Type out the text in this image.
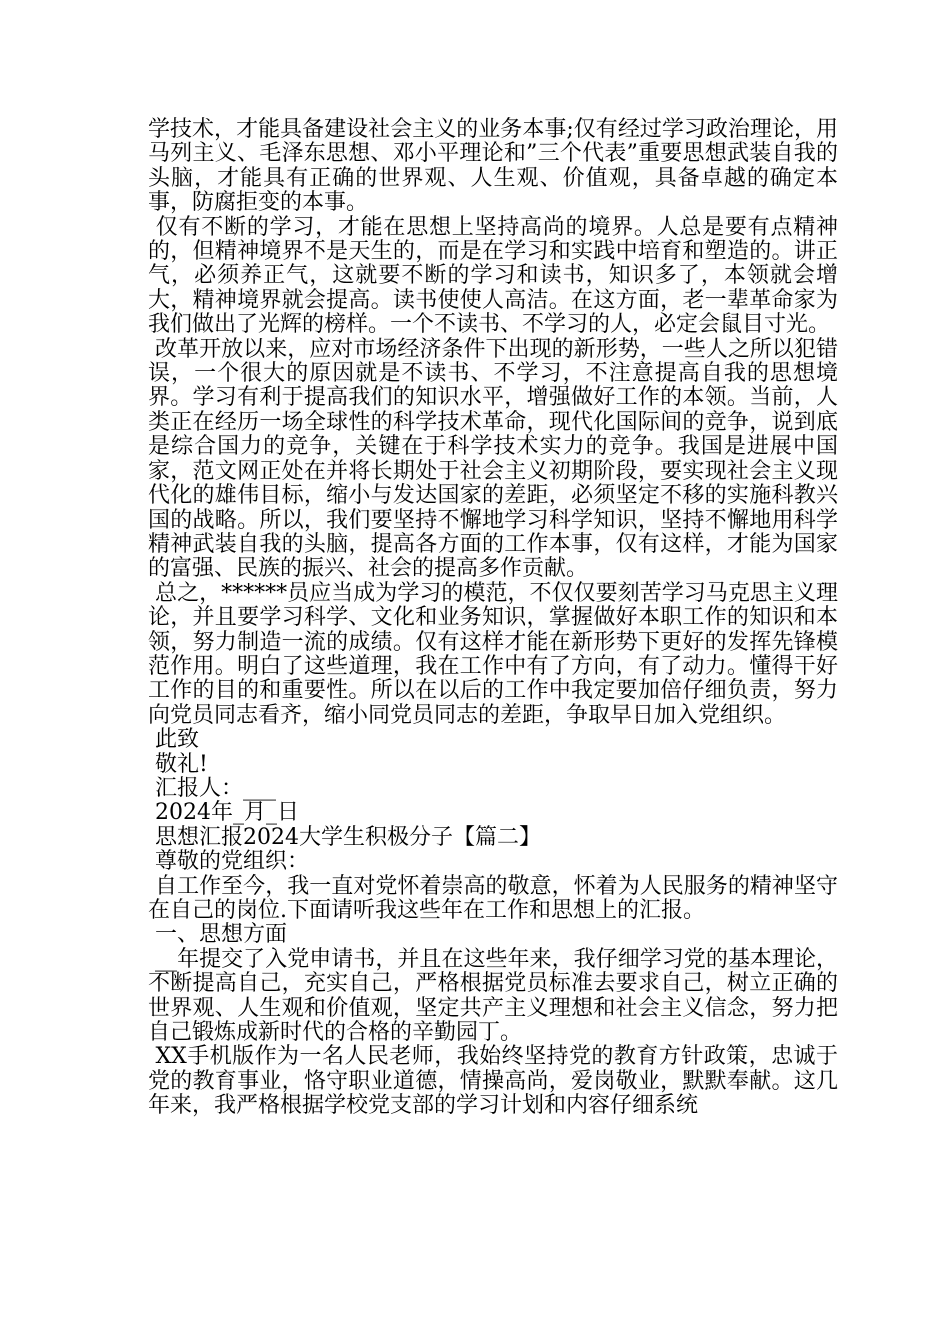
学技术，才能具备建设社会主义的业务本事;仅有经过学习政治理论，用马列主义、毛泽东思想、邓小平理论和”三个代表”重要思想武装自我的头脑，才能具有正确的世界观、人生观、价值观，具备卓越的确定本事，防腐拒变的本事。

仅有不断的学习，才能在思想上坚持高尚的境界。人总是要有点精神的，但精神境界不是天生的，而是在学习和实践中培育和塑造的。讲正气，必须养正气，这就要不断的学习和读书，知识多了，本领就会增大，精神境界就会提高。读书使使人高洁。在这方面，老一辈革命家为我们做出了光辉的榜样。一个不读书、不学习的人，必定会鼠目寸光。

改革开放以来，应对市场经济条件下出现的新形势，一些人之所以犯错误，一个很大的原因就是不读书、不学习，不注意提高自我的思想境界。学习有利于提高我们的知识水平，增强做好工作的本领。当前，人类正在经历一场全球性的科学技术革命，现代化国际间的竞争，说到底是综合国力的竞争，关键在于科学技术实力的竞争。我国是进展中国家，范文网正处在并将长期处于社会主义初期阶段，要实现社会主义现代化的雄伟目标，缩小与发达国家的差距，必须坚定不移的实施科教兴国的战略。所以，我们要坚持不懈地学习科学知识，坚持不懈地用科学精神武装自我的头脑，提高各方面的工作本事，仅有这样，才能为国家的富强、民族的振兴、社会的提高多作贡献。

总之，******员应当成为学习的模范，不仅仅要刻苦学习马克思主义理论，并且要学习科学、文化和业务知识，掌握做好本职工作的知识和本领，努力制造一流的成绩。仅有这样才能在新形势下更好的发挥先锋模范作用。明白了这些道理，我在工作中有了方向，有了动力。懂得干好工作的目的和重要性。所以在以后的工作中我定要加倍仔细负责，努力向党员同志看齐，缩小同党员同志的差距，争取早日加入党组织。

此致

敬礼!

汇报人：___

2024年_月_日

思想汇报2024大学生积极分子【篇二】

尊敬的党组织：

自工作至今，我一直对党怀着崇高的敬意，怀着为人民服务的精神坚守在自己的岗位.下面请听我这些年在工作和思想上的汇报。

一、思想方面

__年提交了入党申请书，并且在这些年来，我仔细学习党的基本理论，不断提高自己，充实自己，严格根据党员标准去要求自己，树立正确的世界观、人生观和价值观，坚定共产主义理想和社会主义信念，努力把自己锻炼成新时代的合格的辛勤园丁。

XX手机版作为一名人民老师，我始终坚持党的教育方针政策，忠诚于党的教育事业，恪守职业道德，情操高尚，爱岗敬业，默默奉献。这几年来，我严格根据学校党支部的学习计划和内容仔细系统
